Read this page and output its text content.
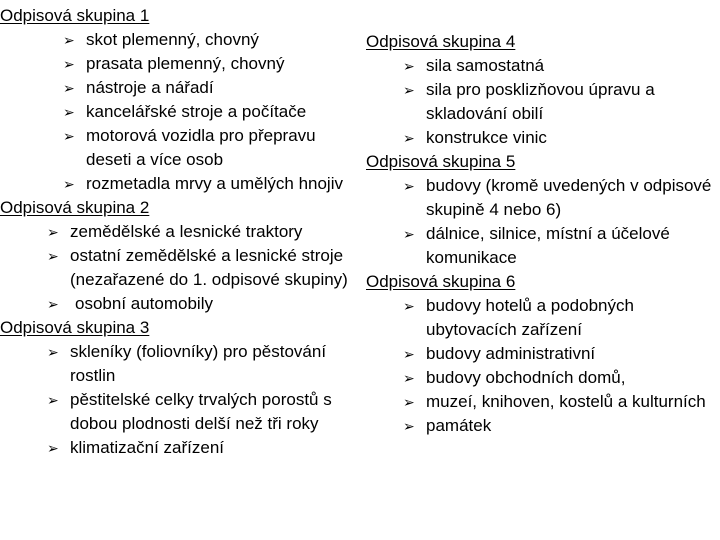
Odpisová skupina 1
➢ skot plemenný, chovný
➢ prasata plemenný, chovný
➢ nástroje a nářadí
➢ kancelářské stroje a počítače
➢ motorová vozidla pro přepravu deseti a více osob
➢ rozmetadla mrvy a umělých hnojiv
Odpisová skupina 2
➢ zemědělské a lesnické traktory
➢ ostatní zemědělské a lesnické stroje (nezařazené do 1. odpisové skupiny)
➢ osobní automobily
Odpisová skupina 3
➢ skleníky (foliovníky) pro pěstování rostlin
➢ pěstitelské celky trvalých porostů s dobou plodnosti delší než tři roky
➢ klimatizační zařízení
Odpisová skupina 4
➢ sila samostatná
➢ sila pro posklizňovou úpravu a skladování obilí
➢ konstrukce vinic
Odpisová skupina 5
➢ budovy (kromě uvedených v odpisové skupině 4 nebo 6)
➢ dálnice, silnice, místní a účelové komunikace
Odpisová skupina 6
➢ budovy hotelů a podobných ubytovacích zařízení
➢ budovy administrativní
➢ budovy obchodních domů,
➢ muzeí, knihoven, kostelů a kulturních
➢ památek
